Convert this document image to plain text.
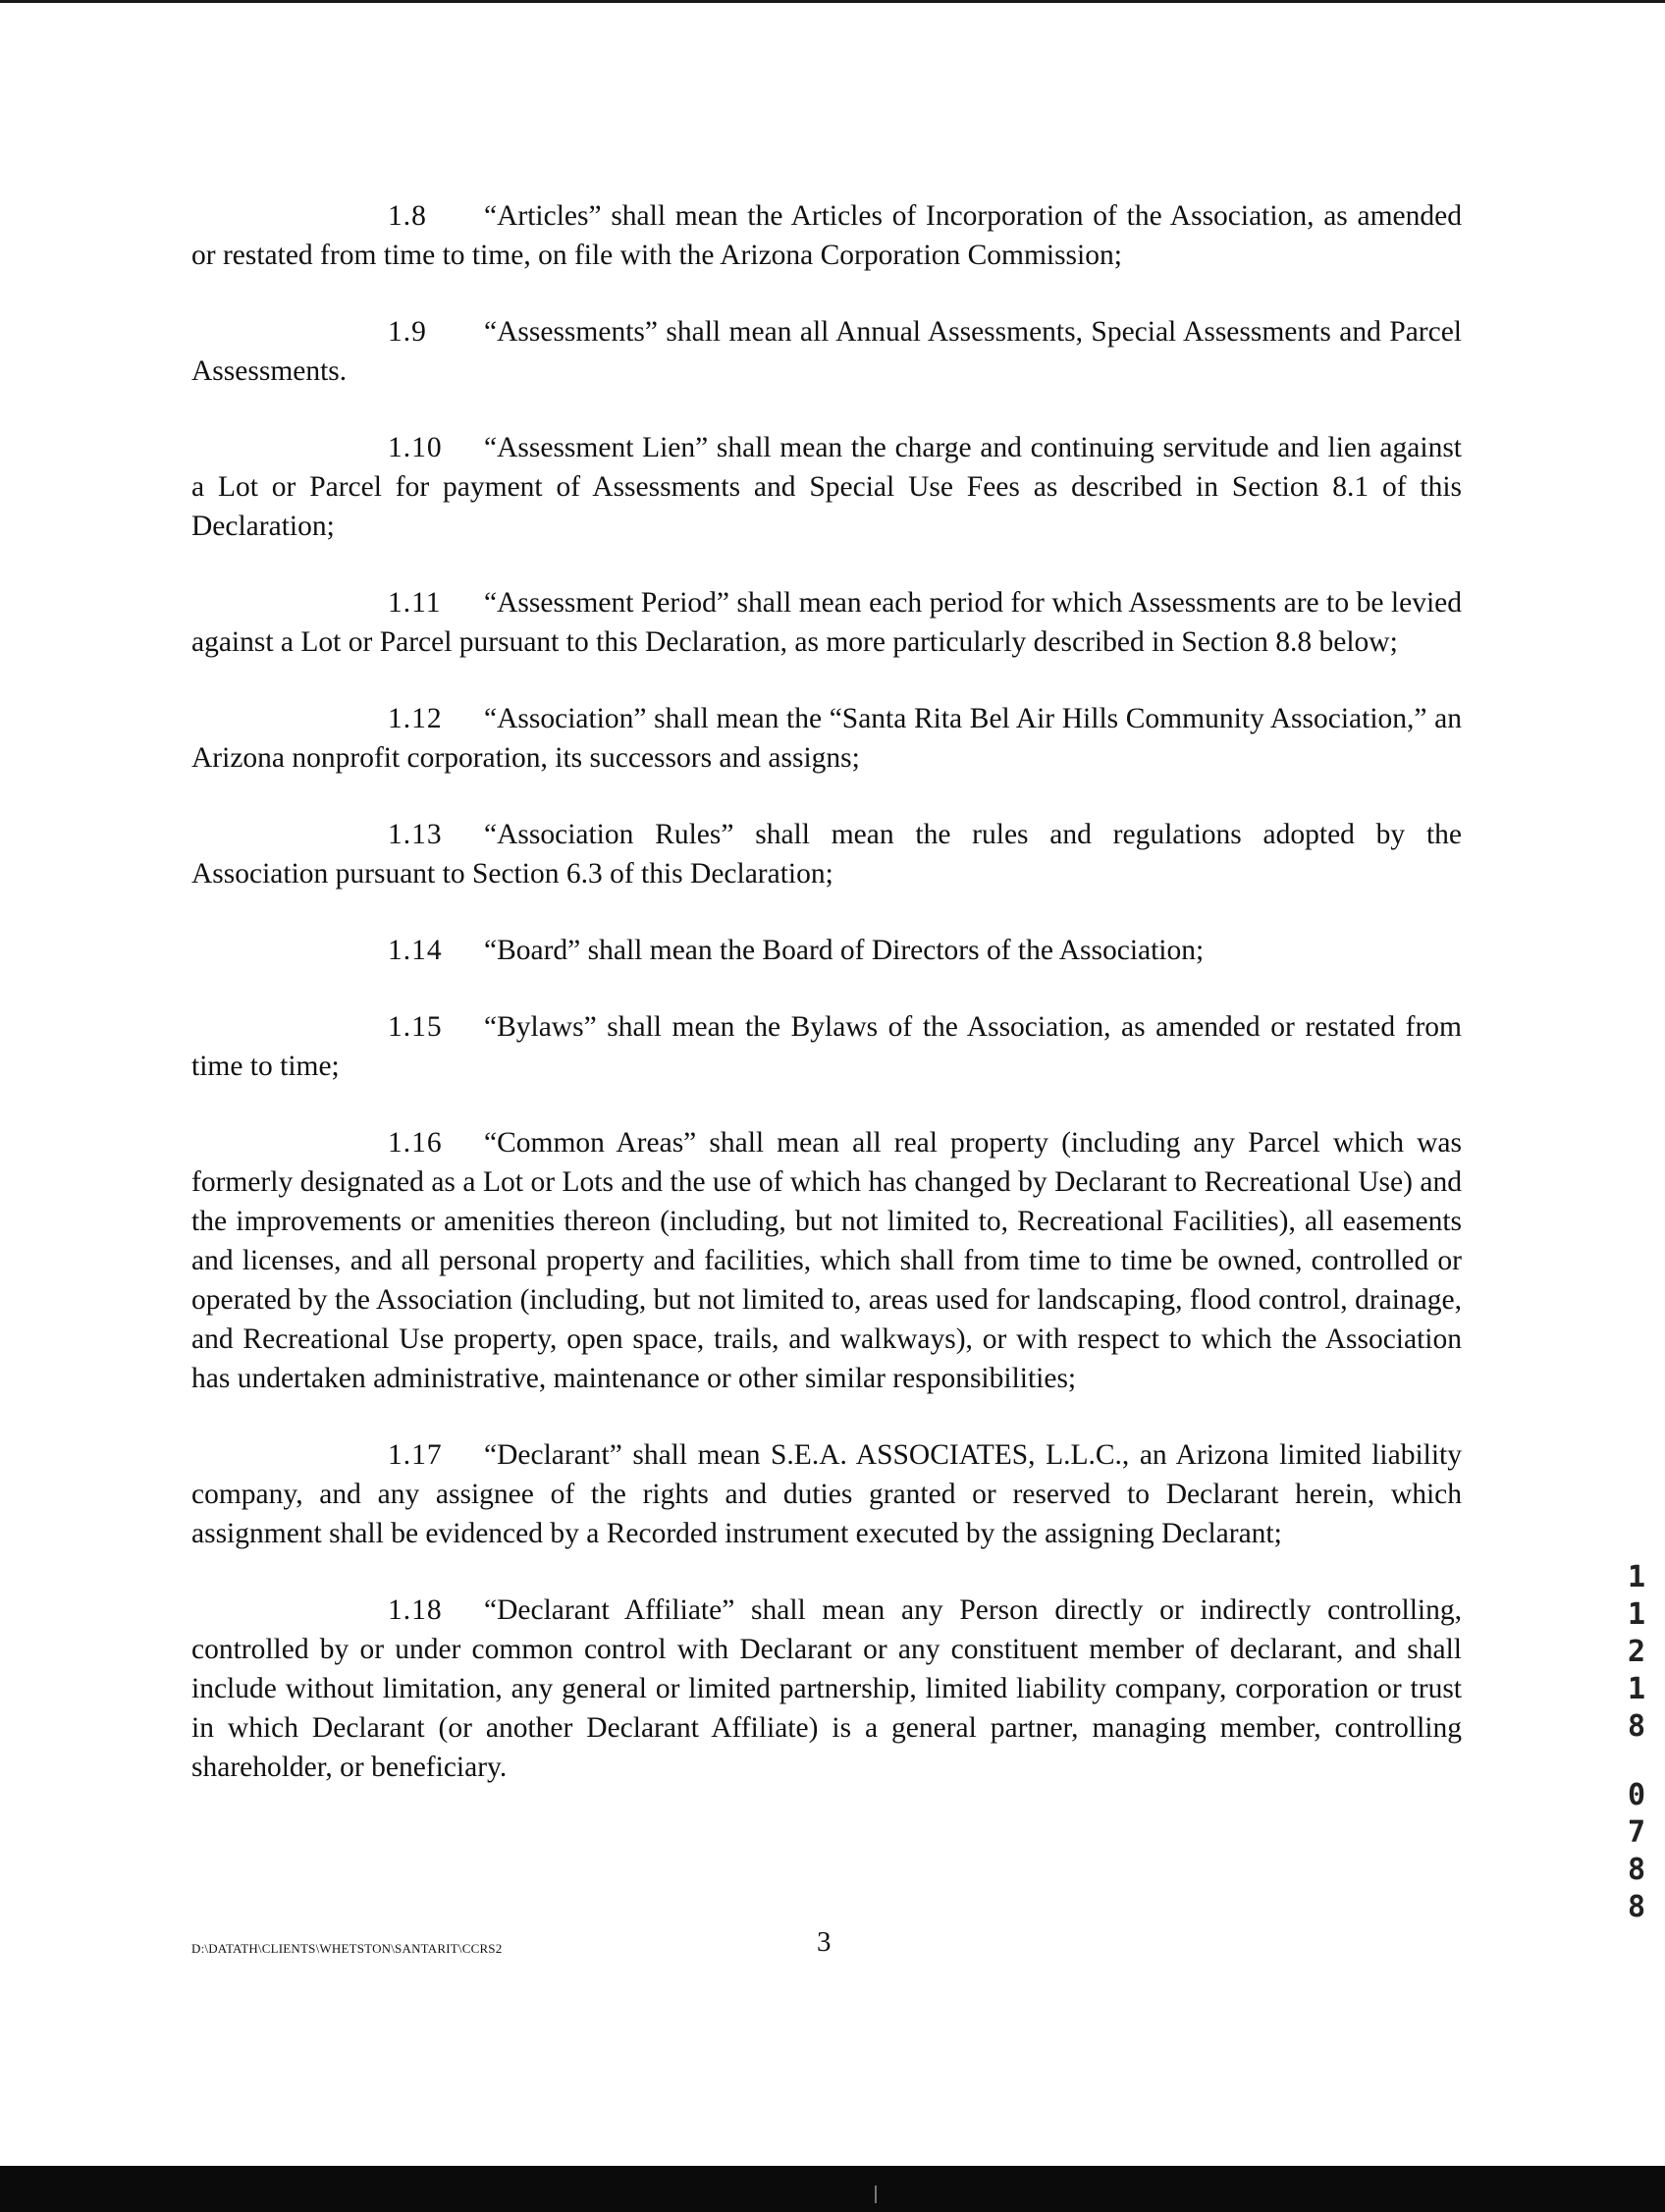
1.8 “Articles” shall mean the Articles of Incorporation of the Association, as amended or restated from time to time, on file with the Arizona Corporation Commission;

1.9 “Assessments” shall mean all Annual Assessments, Special Assessments and Parcel Assessments.

1.10 “Assessment Lien” shall mean the charge and continuing servitude and lien against a Lot or Parcel for payment of Assessments and Special Use Fees as described in Section 8.1 of this Declaration;

1.11 “Assessment Period” shall mean each period for which Assessments are to be levied against a Lot or Parcel pursuant to this Declaration, as more particularly described in Section 8.8 below;

1.12 “Association” shall mean the “Santa Rita Bel Air Hills Community Association,” an Arizona nonprofit corporation, its successors and assigns;

1.13 “Association Rules” shall mean the rules and regulations adopted by the Association pursuant to Section 6.3 of this Declaration;

1.14 “Board” shall mean the Board of Directors of the Association;

1.15 “Bylaws” shall mean the Bylaws of the Association, as amended or restated from time to time;

1.16 “Common Areas” shall mean all real property (including any Parcel which was formerly designated as a Lot or Lots and the use of which has changed by Declarant to Recreational Use) and the improvements or amenities thereon (including, but not limited to, Recreational Facilities), all easements and licenses, and all personal property and facilities, which shall from time to time be owned, controlled or operated by the Association (including, but not limited to, areas used for landscaping, flood control, drainage, and Recreational Use property, open space, trails, and walkways), or with respect to which the Association has undertaken administrative, maintenance or other similar responsibilities;

1.17 “Declarant” shall mean S.E.A. ASSOCIATES, L.L.C., an Arizona limited liability company, and any assignee of the rights and duties granted or reserved to Declarant herein, which assignment shall be evidenced by a Recorded instrument executed by the assigning Declarant;

1.18 “Declarant Affiliate” shall mean any Person directly or indirectly controlling, controlled by or under common control with Declarant or any constituent member of declarant, and shall include without limitation, any general or limited partnership, limited liability company, corporation or trust in which Declarant (or another Declarant Affiliate) is a general partner, managing member, controlling shareholder, or beneficiary.

D:\DATATH\CLIENTS\WHETSTON\SANTARIT\CCRS2	3
1
1
2
1
8
0
7
8
8
